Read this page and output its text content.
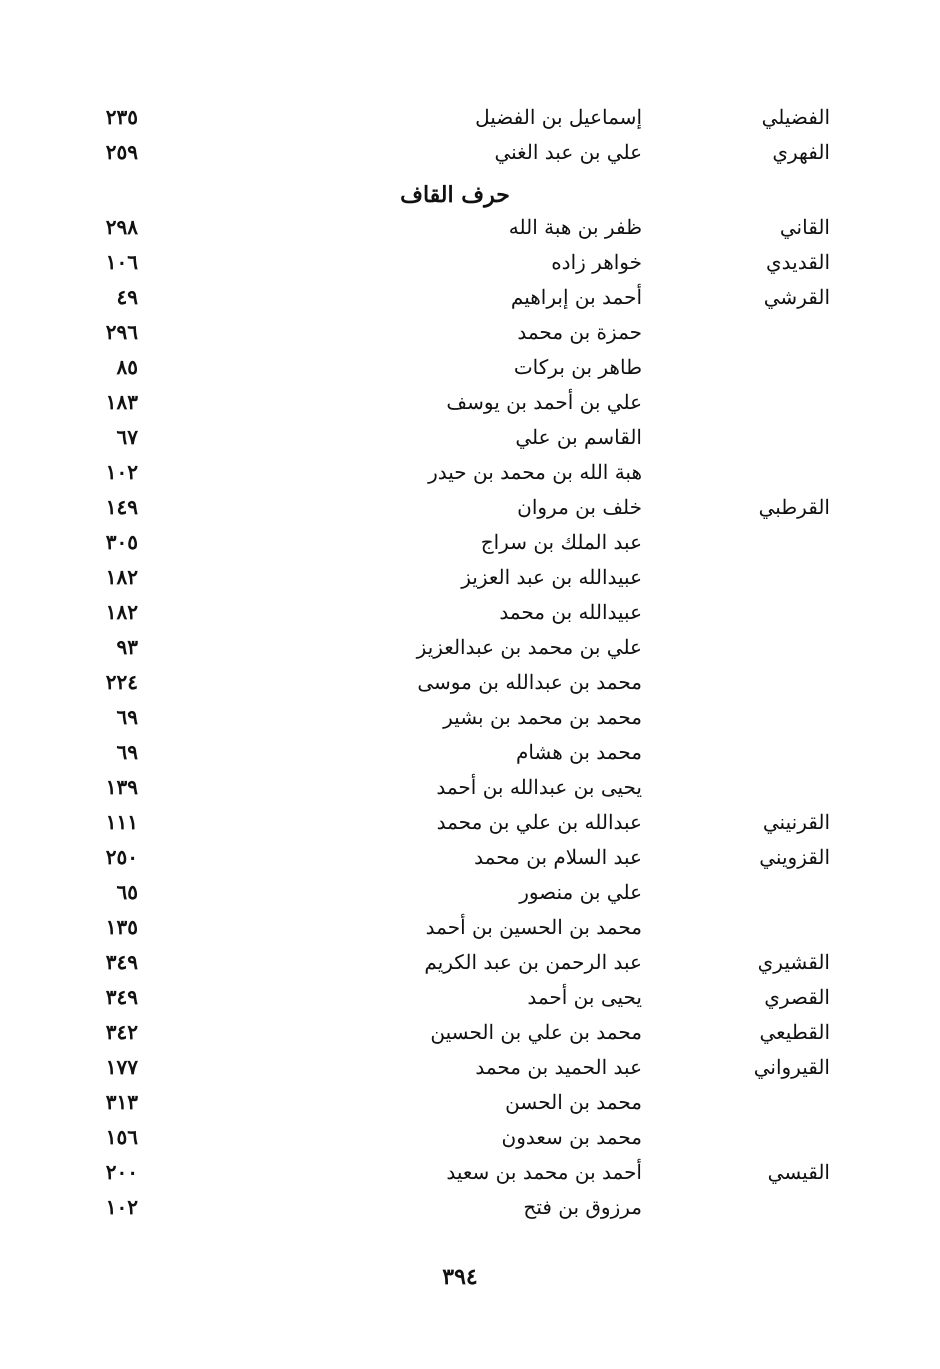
الفضيلي
إسماعيل بن الفضيل
٢٣٥
الفهري
علي بن عبد الغني
٢٥٩
حرف القاف
القاني
ظفر بن هبة الله
٢٩٨
القديدي
خواهر زاده
١٠٦
القرشي
أحمد بن إبراهيم
٤٩
حمزة بن محمد
٢٩٦
طاهر بن بركات
٨٥
علي بن أحمد بن يوسف
١٨٣
القاسم بن علي
٦٧
هبة الله بن محمد بن حيدر
١٠٢
القرطبي
خلف بن مروان
١٤٩
عبد الملك بن سراج
٣٠٥
عبيدالله بن عبد العزيز
١٨٢
عبيدالله بن محمد
١٨٢
علي بن محمد بن عبدالعزيز
٩٣
محمد بن عبدالله بن موسى
٢٢٤
محمد بن محمد بن بشير
٦٩
محمد بن هشام
٦٩
يحيى بن عبدالله بن أحمد
١٣٩
القرنيني
عبدالله بن علي بن محمد
١١١
القزويني
عبد السلام بن محمد
٢٥٠
علي بن منصور
٦٥
محمد بن الحسين بن أحمد
١٣٥
القشيري
عبد الرحمن بن عبد الكريم
٣٤٩
القصري
يحيى بن أحمد
٣٤٩
القطيعي
محمد بن علي بن الحسين
٣٤٢
القيرواني
عبد الحميد بن محمد
١٧٧
محمد بن الحسن
٣١٣
محمد بن سعدون
١٥٦
القيسي
أحمد بن محمد بن سعيد
٢٠٠
مرزوق بن فتح
١٠٢
٣٩٤
